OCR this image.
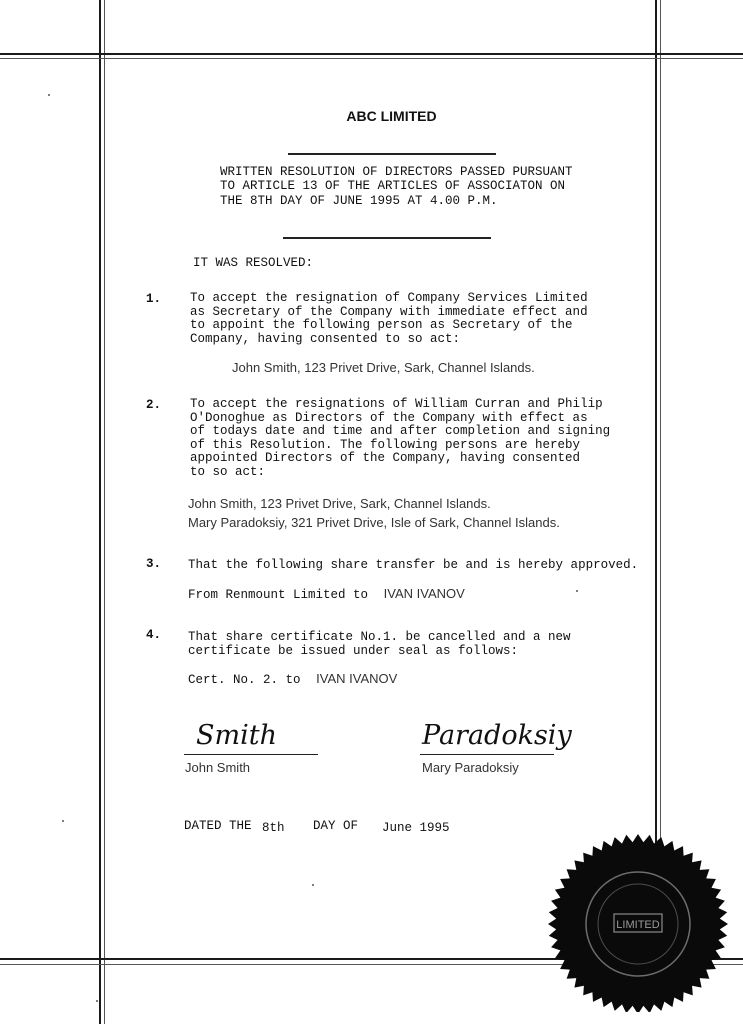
ABC LIMITED
WRITTEN RESOLUTION OF DIRECTORS PASSED PURSUANT
TO ARTICLE 13 OF THE ARTICLES OF ASSOCIATON ON
THE 8TH DAY OF JUNE 1995 AT 4.00 P.M.
IT WAS RESOLVED:
1. To accept the resignation of Company Services Limited
as Secretary of the Company with immediate effect and
to appoint the following person as Secretary of the
Company, having consented to so act:
John Smith, 123 Privet Drive, Sark, Channel Islands.
2. To accept the resignations of William Curran and Philip
O'Donoghue as Directors of the Company with effect as
of todays date and time and after completion and signing
of this Resolution. The following persons are hereby
appointed Directors of the Company, having consented
to so act:
John Smith, 123 Privet Drive, Sark, Channel Islands.
Mary Paradoksiy, 321 Privet Drive, Isle of Sark, Channel Islands.
3. That the following share transfer be and is hereby approved.
From Renmount Limited to IVAN IVANOV
4. That share certificate No.1. be cancelled and a new
certificate be issued under seal as follows:
Cert. No. 2. to IVAN IVANOV
Smith
John Smith
Paradoksiy
Mary Paradoksiy
DATED THE 8th DAY OF June 1995
LIMITED
